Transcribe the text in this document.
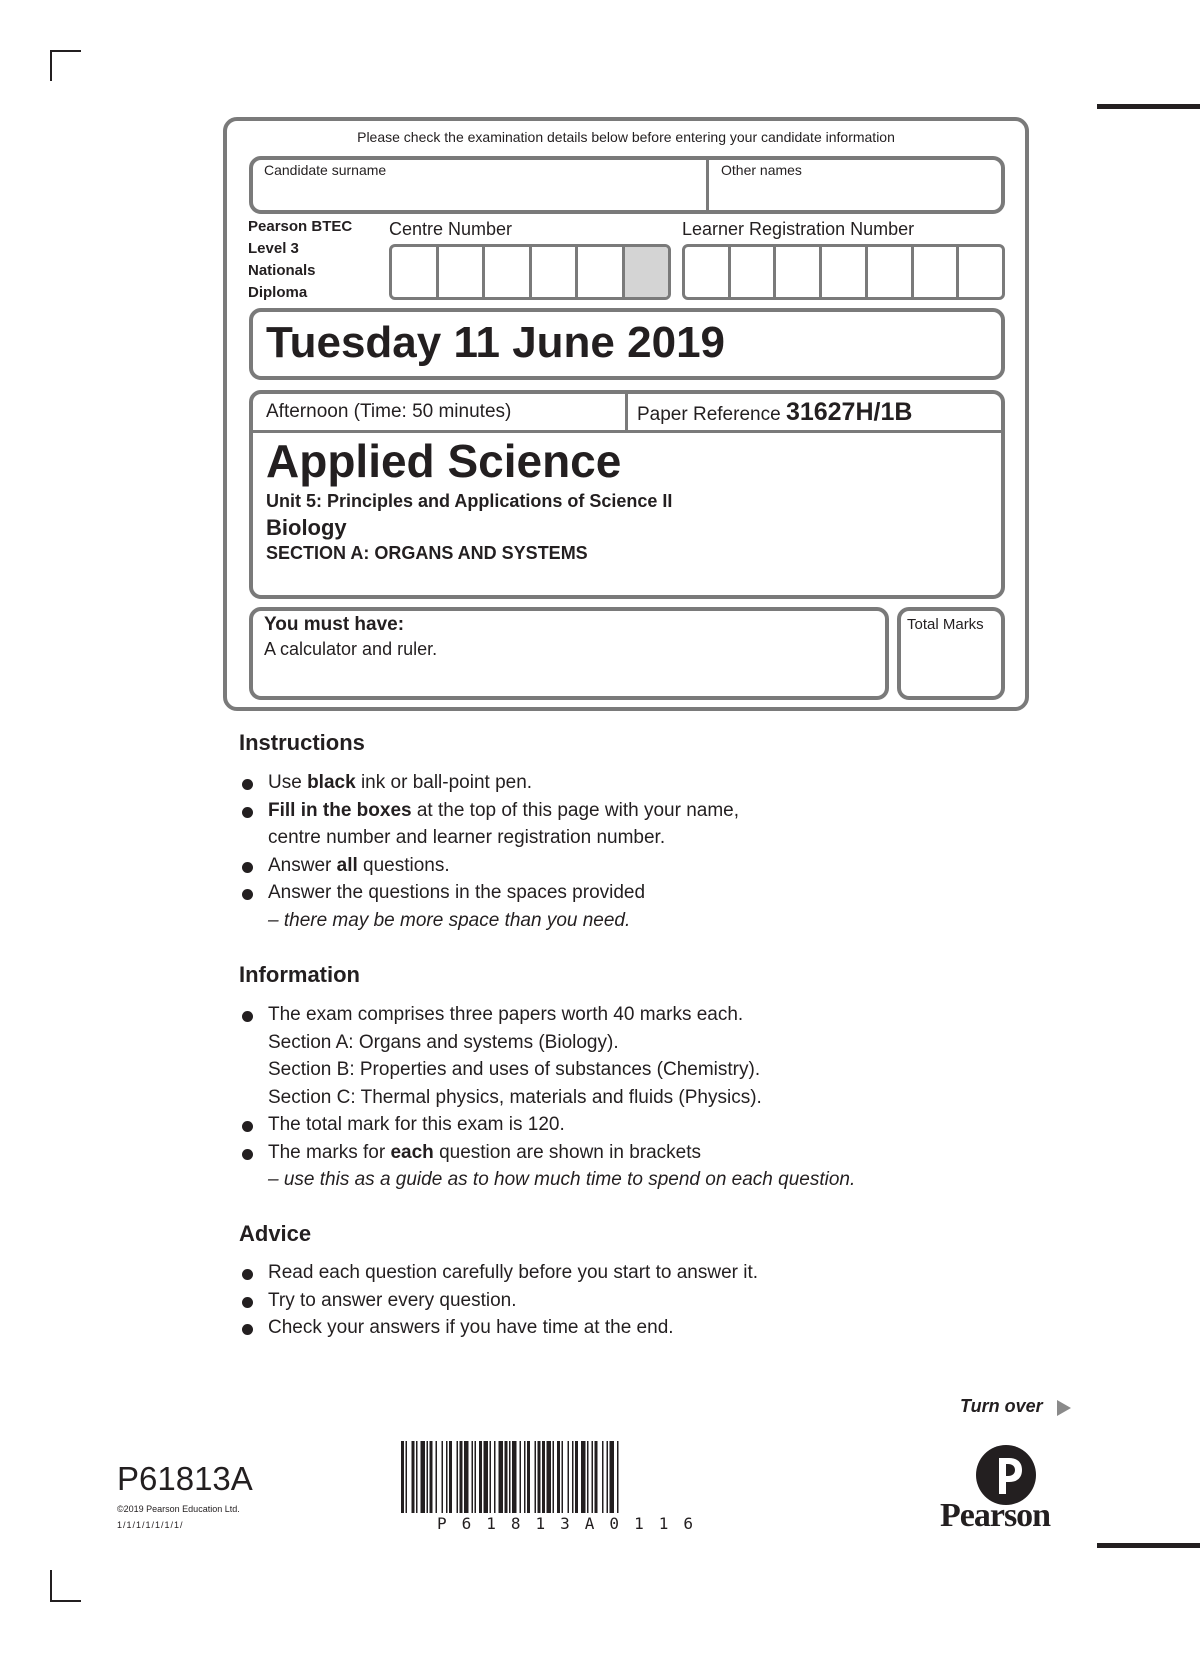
Please check the examination details below before entering your candidate information
Candidate surname	Other names
Pearson BTEC
Level 3
Nationals
Diploma
Centre Number	Learner Registration Number
Tuesday 11 June 2019
Afternoon (Time: 50 minutes)	Paper Reference 31627H/1B
Applied Science
Unit 5: Principles and Applications of Science II
Biology
SECTION A: ORGANS AND SYSTEMS
You must have:
A calculator and ruler.
Total Marks
Instructions
Use black ink or ball-point pen.
Fill in the boxes at the top of this page with your name,
centre number and learner registration number.
Answer all questions.
Answer the questions in the spaces provided
– there may be more space than you need.
Information
The exam comprises three papers worth 40 marks each.
Section A: Organs and systems (Biology).
Section B: Properties and uses of substances (Chemistry).
Section C: Thermal physics, materials and fluids (Physics).
The total mark for this exam is 120.
The marks for each question are shown in brackets
– use this as a guide as to how much time to spend on each question.
Advice
Read each question carefully before you start to answer it.
Try to answer every question.
Check your answers if you have time at the end.
Turn over
P61813A
©2019 Pearson Education Ltd.
1/1/1/1/1/1/1/	P61813A0116	Pearson
